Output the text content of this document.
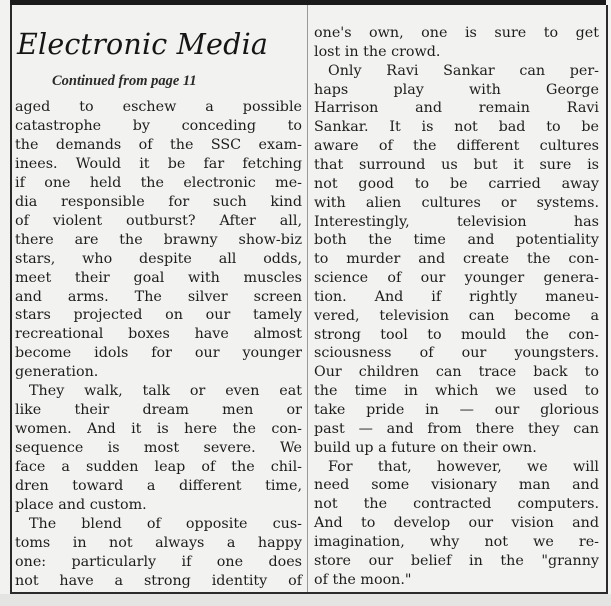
Electronic Media
Continued from page 11
aged to eschew a possible
catastrophe by conceding to
the demands of the SSC exam-
inees. Would it be far fetching
if one held the electronic me-
dia responsible for such kind
of violent outburst? After all,
there are the brawny show-biz
stars, who despite all odds,
meet their goal with muscles
and arms. The silver screen
stars projected on our tamely
recreational boxes have almost
become idols for our younger
generation.
They walk, talk or even eat
like their dream men or
women. And it is here the con-
sequence is most severe. We
face a sudden leap of the chil-
dren toward a different time,
place and custom.
The blend of opposite cus-
toms in not always a happy
one: particularly if one does
not have a strong identity of
one's own, one is sure to get
lost in the crowd.
Only Ravi Sankar can per-
haps play with George
Harrison and remain Ravi
Sankar. It is not bad to be
aware of the different cultures
that surround us but it sure is
not good to be carried away
with alien cultures or systems.
Interestingly, television has
both the time and potentiality
to murder and create the con-
science of our younger genera-
tion. And if rightly maneu-
vered, television can become a
strong tool to mould the con-
sciousness of our youngsters.
Our children can trace back to
the time in which we used to
take pride in — our glorious
past — and from there they can
build up a future on their own.
For that, however, we will
need some visionary man and
not the contracted computers.
And to develop our vision and
imagination, why not we re-
store our belief in the "granny
of the moon."
